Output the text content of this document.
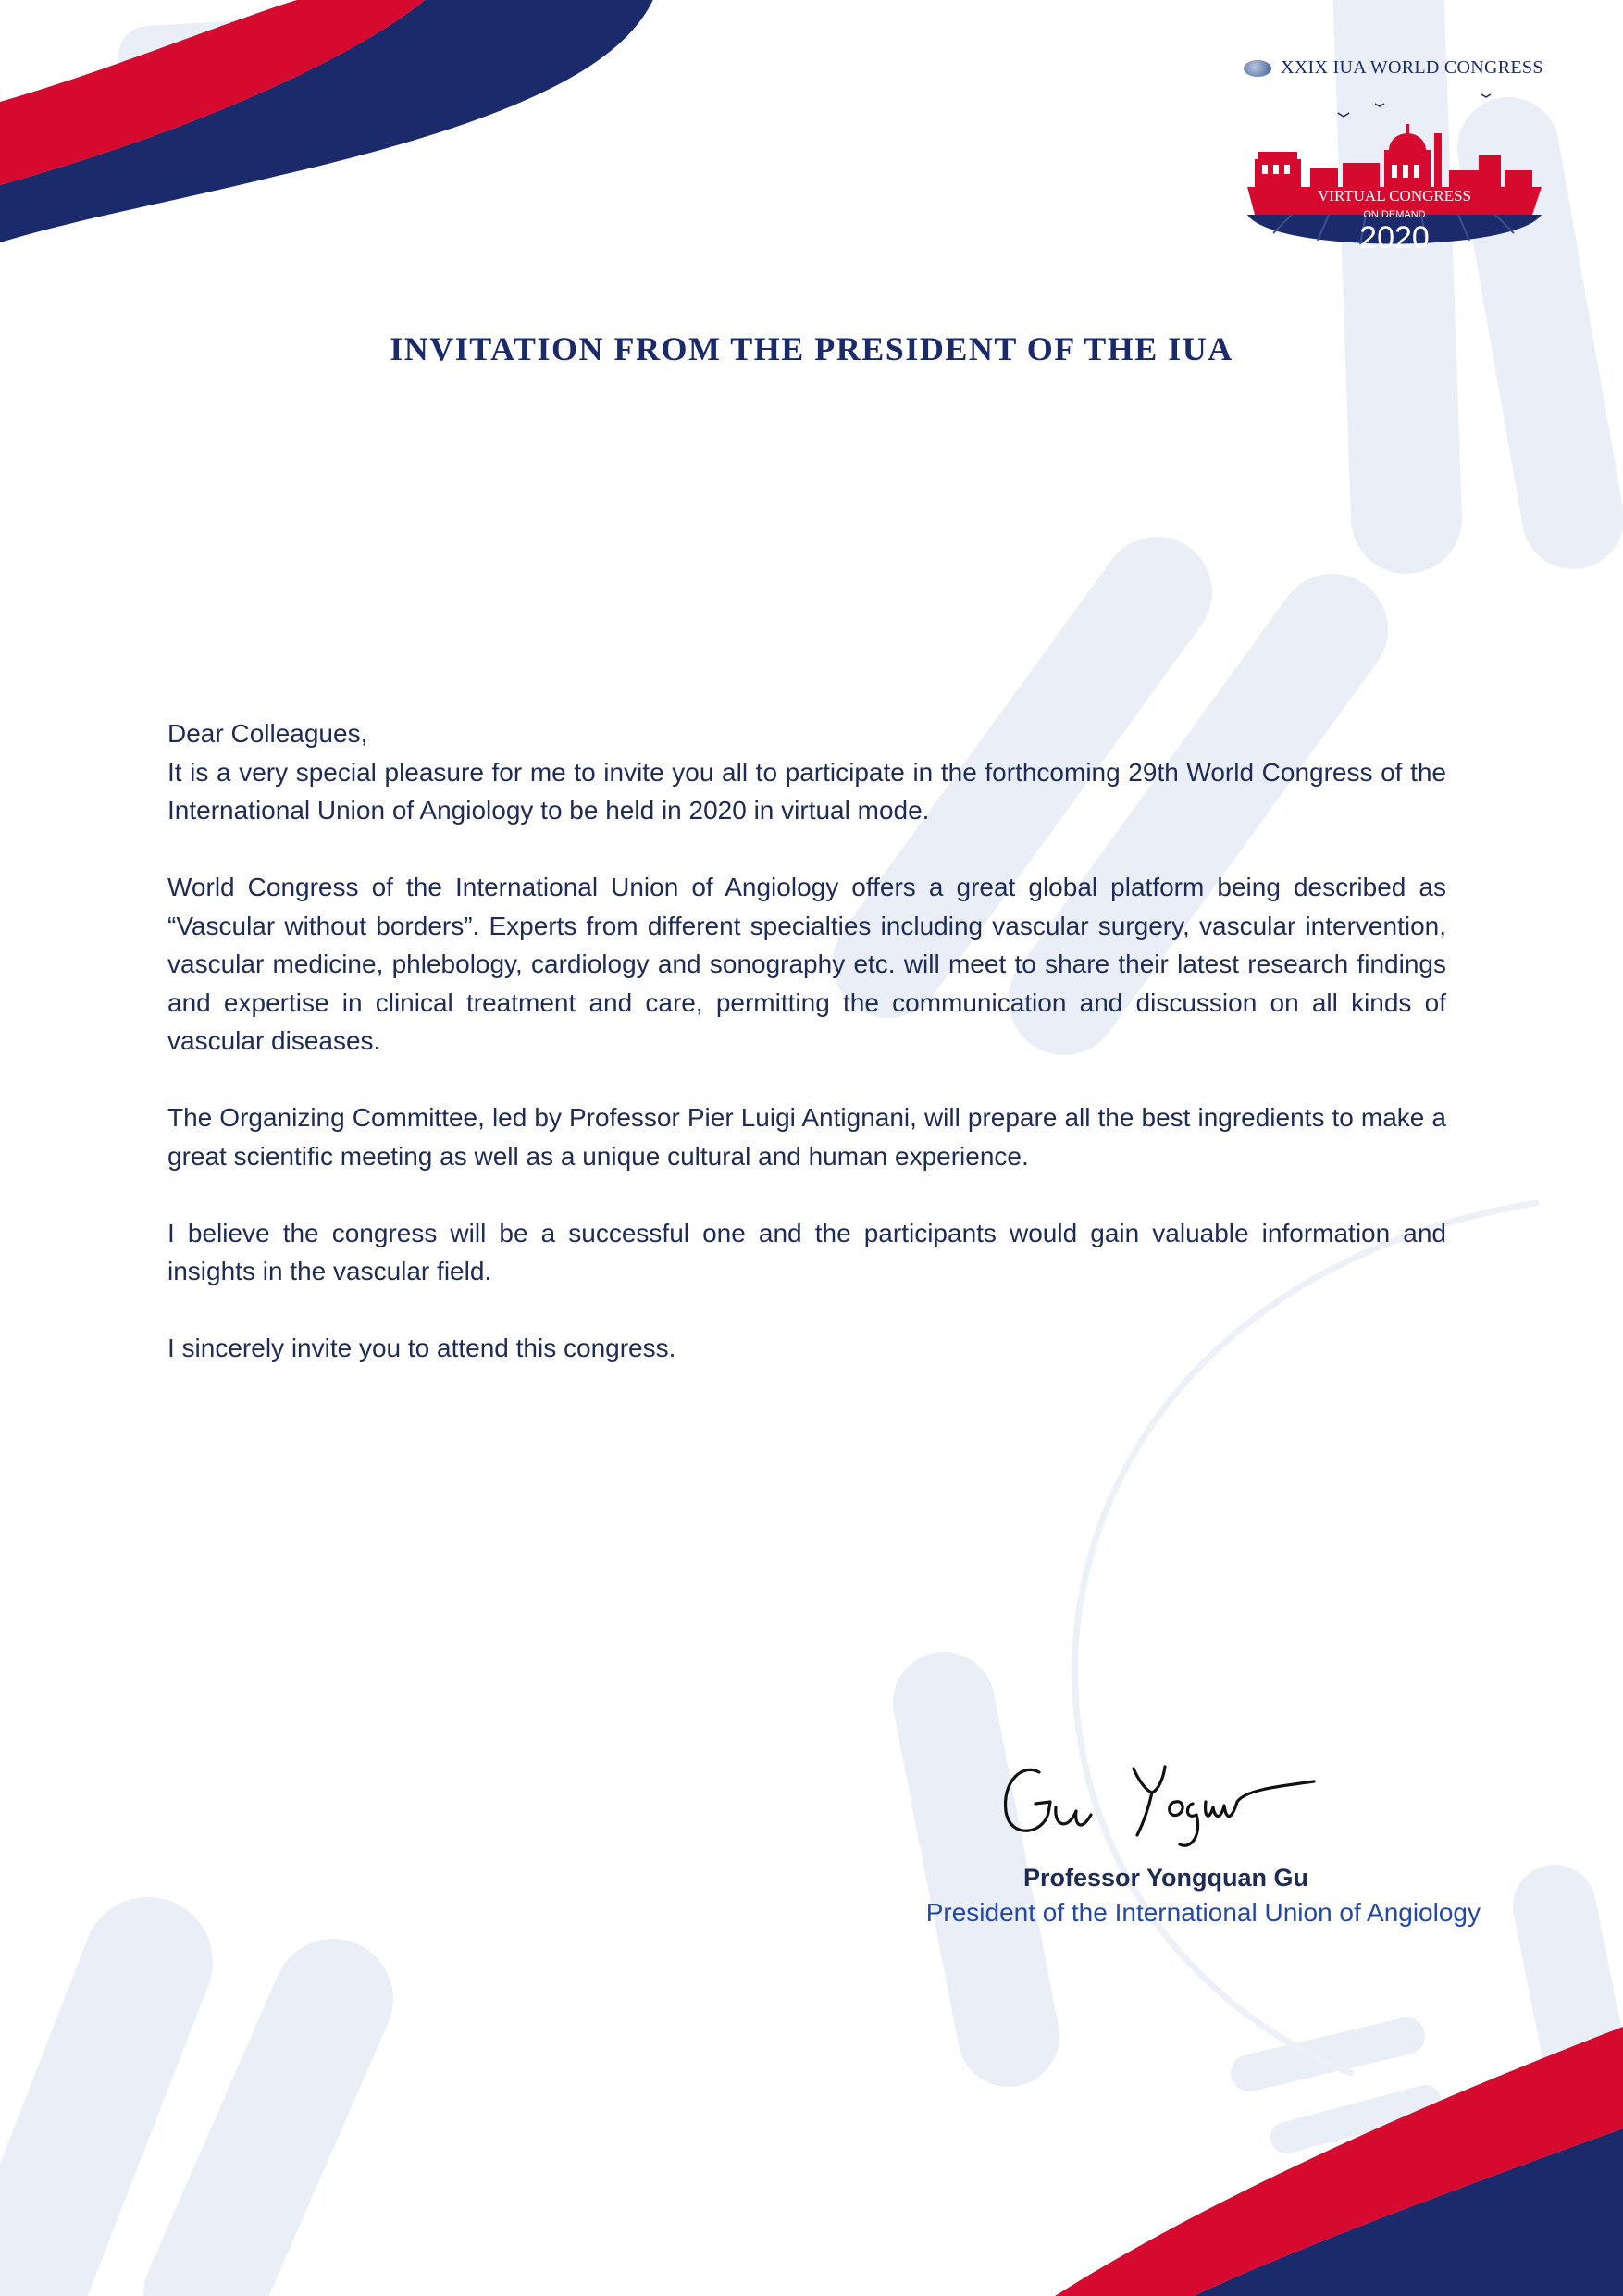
XXIX IUA WORLD CONGRESS
VIRTUAL CONGRESS
ON DEMAND
2020
INVITATION FROM THE PRESIDENT OF THE IUA

Dear Colleagues,

It is a very special pleasure for me to invite you all to participate in the forthcoming 29th World Congress of the International Union of Angiology to be held in 2020 in virtual mode.

World Congress of the International Union of Angiology offers a great global platform being described as “Vascular without borders”. Experts from different specialties including vascular surgery, vascular intervention, vascular medicine, phlebology, cardiology and sonography etc. will meet to share their latest research findings and expertise in clinical treatment and care, permitting the communication and discussion on all kinds of vascular diseases.

The Organizing Committee, led by Professor Pier Luigi Antignani, will prepare all the best ingredients to make a great scientific meeting as well as a unique cultural and human experience.

I believe the congress will be a successful one and the participants would gain valuable information and insights in the vascular field.

I sincerely invite you to attend this congress.

Professor Yongquan Gu
President of the International Union of Angiology
